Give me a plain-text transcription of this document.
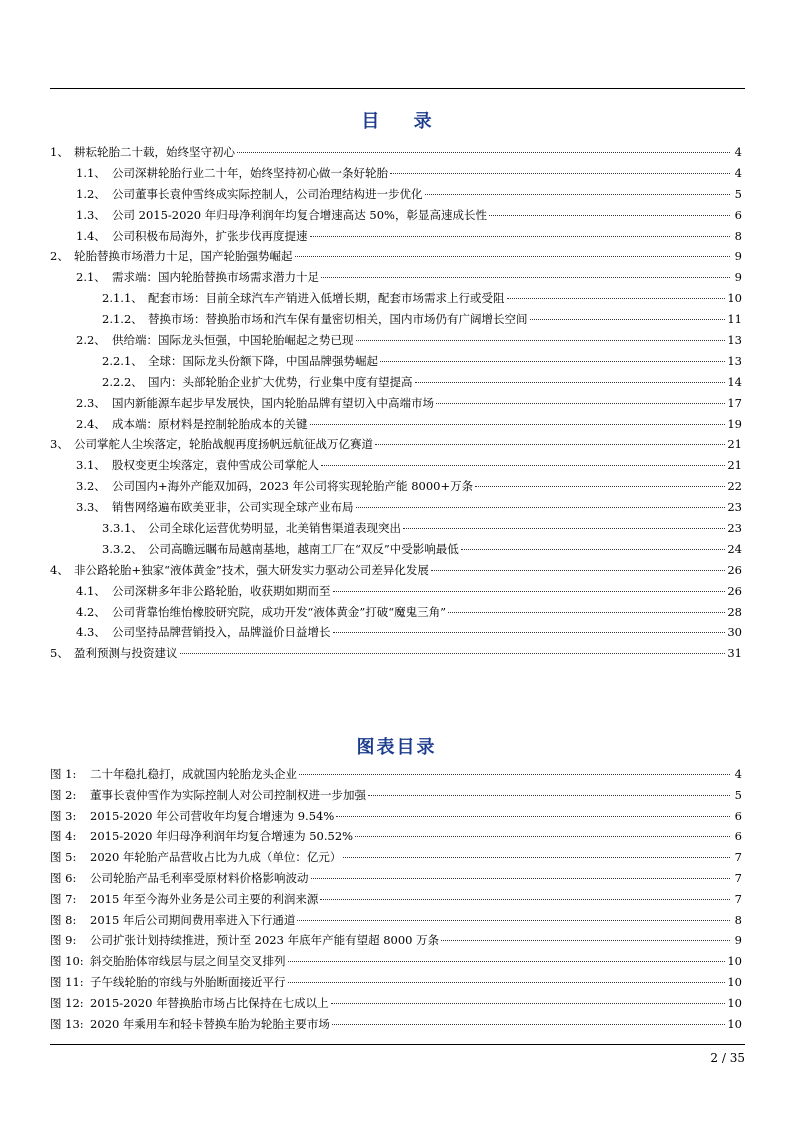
目 录
1、 耕耘轮胎二十载，始终坚守初心	4
1.1、 公司深耕轮胎行业二十年，始终坚持初心做一条好轮胎	4
1.2、 公司董事长袁仲雪终成实际控制人，公司治理结构进一步优化	5
1.3、 公司 2015-2020 年归母净利润年均复合增速高达 50%，彰显高速成长性	6
1.4、 公司积极布局海外，扩张步伐再度提速	8
2、 轮胎替换市场潜力十足，国产轮胎强势崛起	9
2.1、 需求端：国内轮胎替换市场需求潜力十足	9
2.1.1、 配套市场：目前全球汽车产销进入低增长期，配套市场需求上行或受阻	10
2.1.2、 替换市场：替换胎市场和汽车保有量密切相关，国内市场仍有广阔增长空间	11
2.2、 供给端：国际龙头恒强，中国轮胎崛起之势已现	13
2.2.1、 全球：国际龙头份额下降，中国品牌强势崛起	13
2.2.2、 国内：头部轮胎企业扩大优势，行业集中度有望提高	14
2.3、 国内新能源车起步早发展快，国内轮胎品牌有望切入中高端市场	17
2.4、 成本端：原材料是控制轮胎成本的关键	19
3、 公司掌舵人尘埃落定，轮胎战舰再度扬帆远航征战万亿赛道	21
3.1、 股权变更尘埃落定，袁仲雪成公司掌舵人	21
3.2、 公司国内+海外产能双加码，2023 年公司将实现轮胎产能 8000+万条	22
3.3、 销售网络遍布欧美亚非，公司实现全球产业布局	23
3.3.1、 公司全球化运营优势明显，北美销售渠道表现突出	23
3.3.2、 公司高瞻远瞩布局越南基地，越南工厂在“双反”中受影响最低	24
4、 非公路轮胎+独家“液体黄金”技术，强大研发实力驱动公司差异化发展	26
4.1、 公司深耕多年非公路轮胎，收获期如期而至	26
4.2、 公司背靠怡维怡橡胶研究院，成功开发“液体黄金”打破“魔鬼三角”	28
4.3、 公司坚持品牌营销投入，品牌溢价日益增长	30
5、 盈利预测与投资建议	31
图表目录
图 1:	二十年稳扎稳打，成就国内轮胎龙头企业	4
图 2:	董事长袁仲雪作为实际控制人对公司控制权进一步加强	5
图 3:	2015-2020 年公司营收年均复合增速为 9.54%	6
图 4:	2015-2020 年归母净利润年均复合增速为 50.52%	6
图 5:	2020 年轮胎产品营收占比为九成（单位：亿元）	7
图 6:	公司轮胎产品毛利率受原材料价格影响波动	7
图 7:	2015 年至今海外业务是公司主要的利润来源	7
图 8:	2015 年后公司期间费用率进入下行通道	8
图 9:	公司扩张计划持续推进，预计至 2023 年底年产能有望超 8000 万条	9
图 10: 斜交胎胎体帘线层与层之间呈交叉排列	10
图 11: 子午线轮胎的帘线与外胎断面接近平行	10
图 12: 2015-2020 年替换胎市场占比保持在七成以上	10
图 13: 2020 年乘用车和轻卡替换车胎为轮胎主要市场	10
2 / 35
